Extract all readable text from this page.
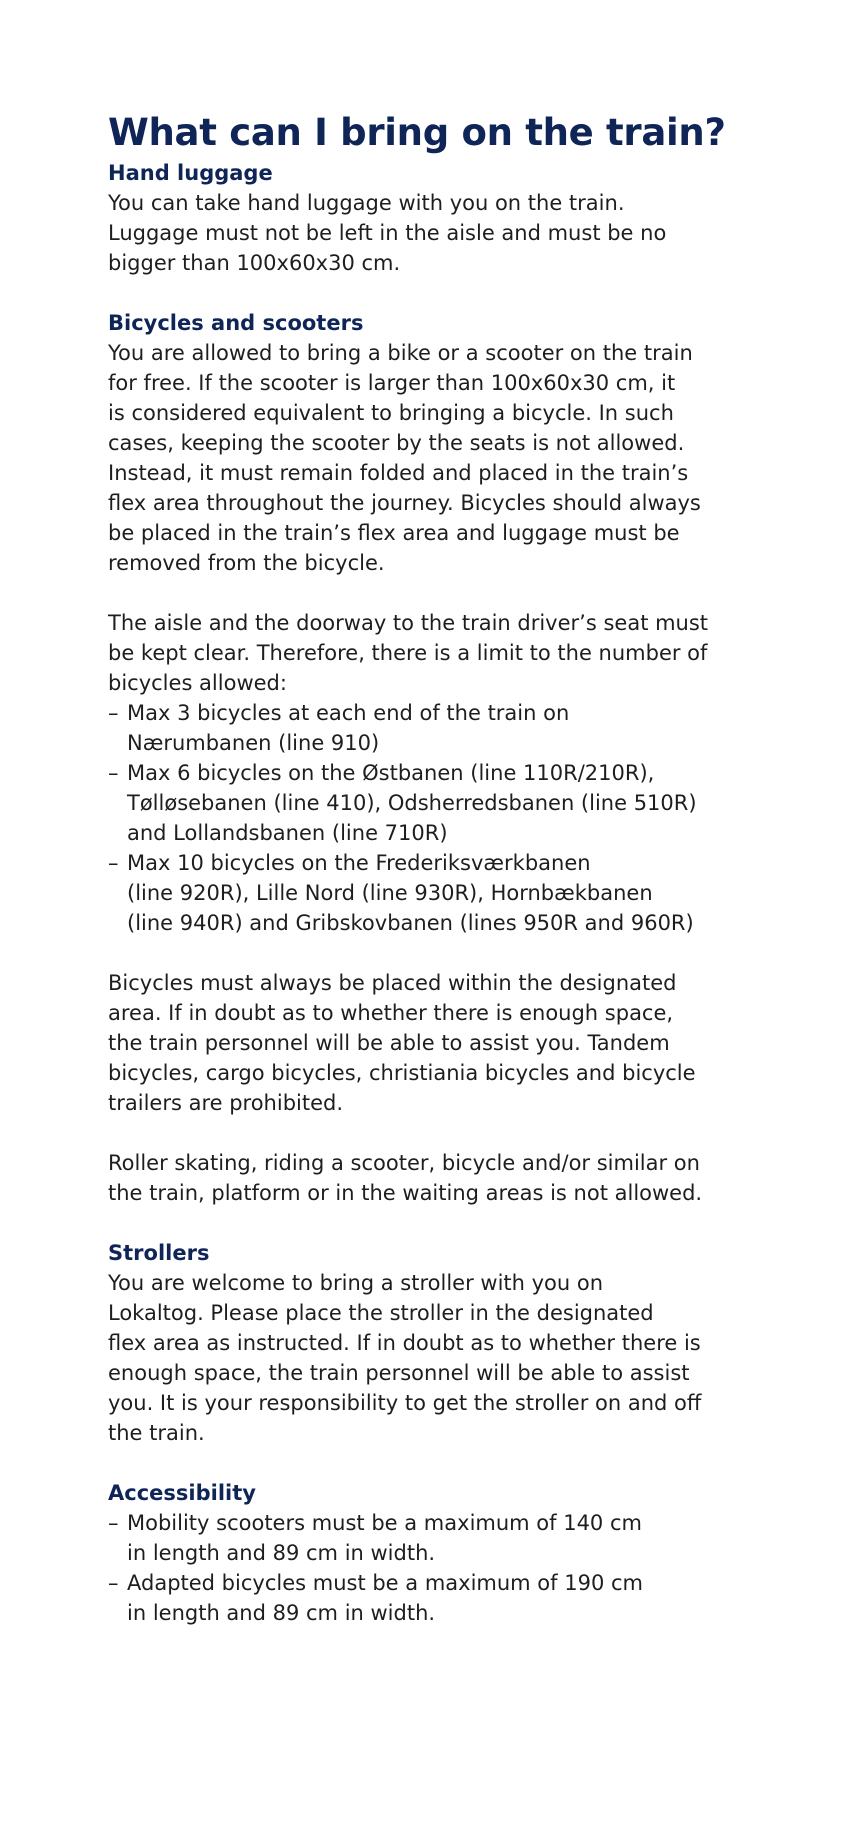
What can I bring on the train?
Hand luggage

You can take hand luggage with you on the train.
Luggage must not be left in the aisle and must be no
bigger than 100x60x30 cm.

Bicycles and scooters

You are allowed to bring a bike or a scooter on the train
for free. If the scooter is larger than 100x60x30 cm, it
is considered equivalent to bringing a bicycle. In such
cases, keeping the scooter by the seats is not allowed.
Instead, it must remain folded and placed in the train’s
flex area throughout the journey. Bicycles should always
be placed in the train’s flex area and luggage must be
removed from the bicycle.

The aisle and the doorway to the train driver’s seat must
be kept clear. Therefore, there is a limit to the number of
bicycles allowed:

– Max 3 bicycles at each end of the train on
Nærumbanen (line 910)
– Max 6 bicycles on the Østbanen (line 110R/210R),
Tølløsebanen (line 410), Odsherredsbanen (line 510R)
and Lollandsbanen (line 710R)
– Max 10 bicycles on the Frederiksværkbanen
(line 920R), Lille Nord (line 930R), Hornbækbanen
(line 940R) and Gribskovbanen (lines 950R and 960R)

Bicycles must always be placed within the designated
area. If in doubt as to whether there is enough space,
the train personnel will be able to assist you. Tandem
bicycles, cargo bicycles, christiania bicycles and bicycle
trailers are prohibited.

Roller skating, riding a scooter, bicycle and/or similar on
the train, platform or in the waiting areas is not allowed.

Strollers

You are welcome to bring a stroller with you on
Lokaltog. Please place the stroller in the designated
flex area as instructed. If in doubt as to whether there is
enough space, the train personnel will be able to assist
you. It is your responsibility to get the stroller on and off
the train.

Accessibility
– Mobility scooters must be a maximum of 140 cm
in length and 89 cm in width.
– Adapted bicycles must be a maximum of 190 cm
in length and 89 cm in width.
